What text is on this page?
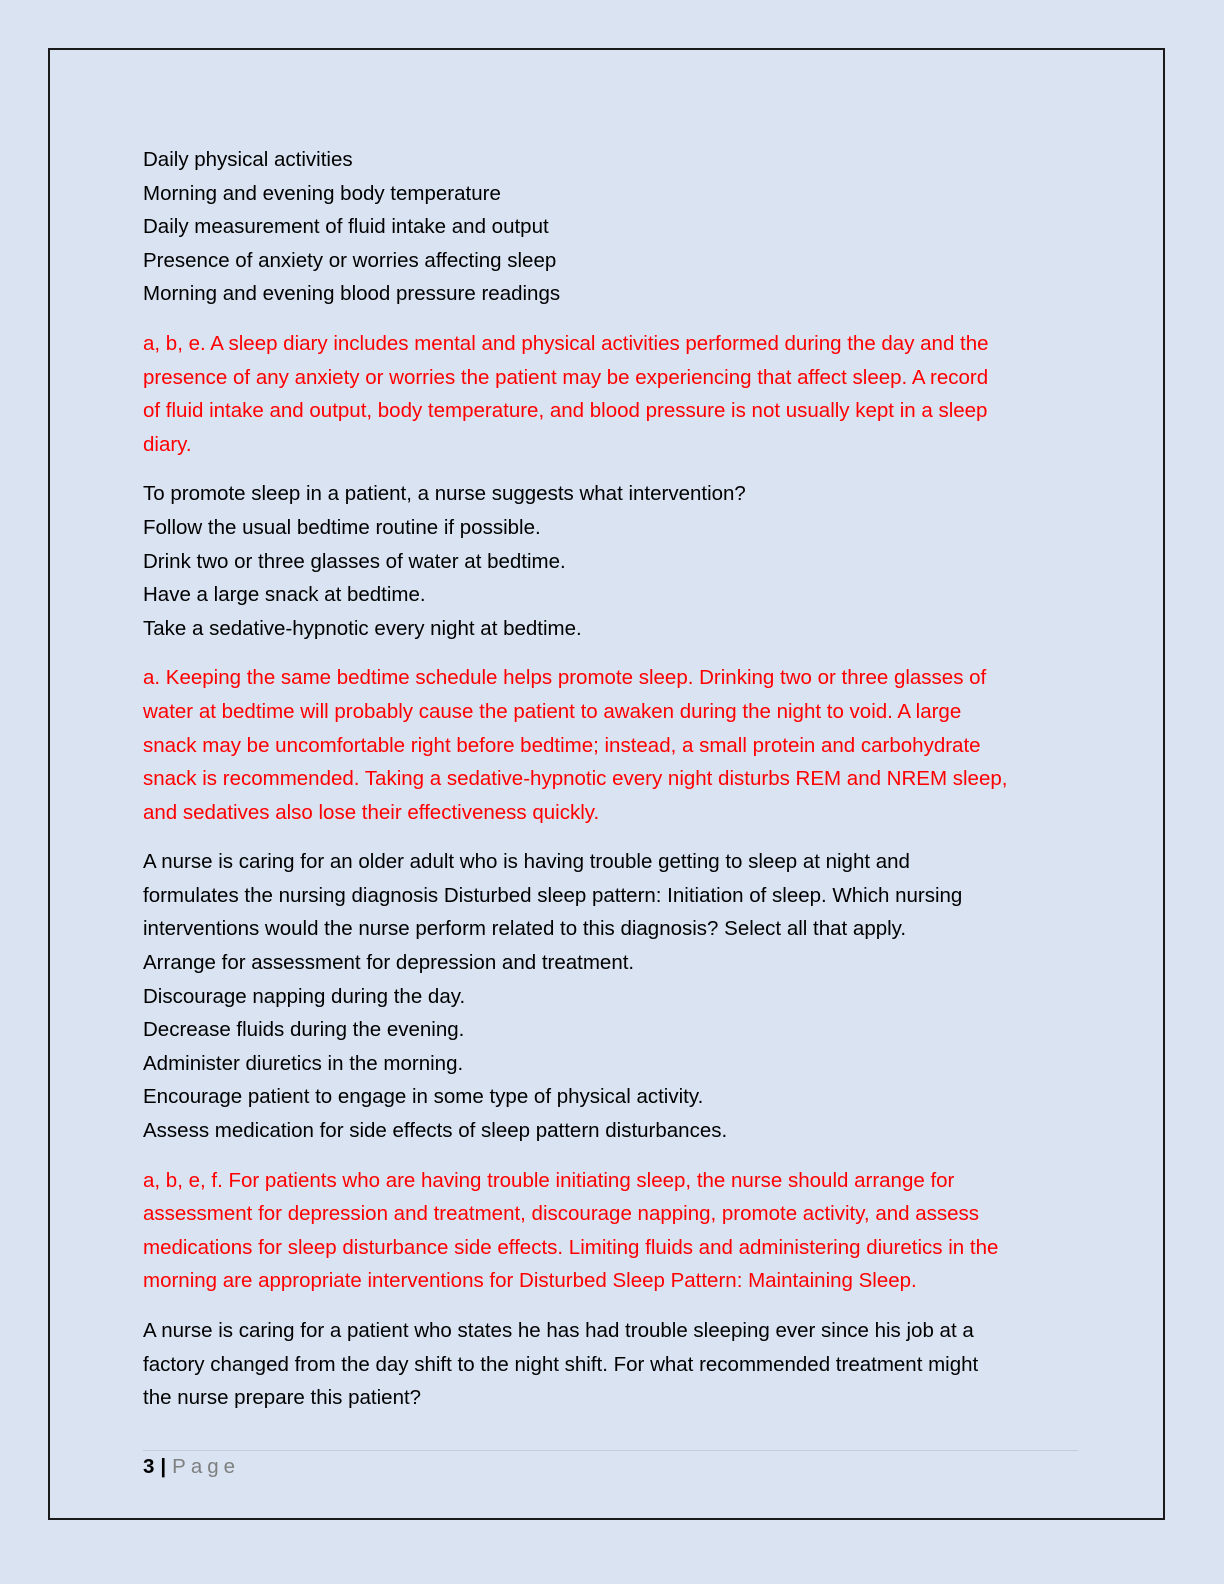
Daily physical activities
Morning and evening body temperature
Daily measurement of fluid intake and output
Presence of anxiety or worries affecting sleep
Morning and evening blood pressure readings
a, b, e. A sleep diary includes mental and physical activities performed during the day and the
presence of any anxiety or worries the patient may be experiencing that affect sleep. A record
of fluid intake and output, body temperature, and blood pressure is not usually kept in a sleep
diary.
To promote sleep in a patient, a nurse suggests what intervention?
Follow the usual bedtime routine if possible.
Drink two or three glasses of water at bedtime.
Have a large snack at bedtime.
Take a sedative-hypnotic every night at bedtime.
a. Keeping the same bedtime schedule helps promote sleep. Drinking two or three glasses of
water at bedtime will probably cause the patient to awaken during the night to void. A large
snack may be uncomfortable right before bedtime; instead, a small protein and carbohydrate
snack is recommended. Taking a sedative-hypnotic every night disturbs REM and NREM sleep,
and sedatives also lose their effectiveness quickly.
A nurse is caring for an older adult who is having trouble getting to sleep at night and
formulates the nursing diagnosis Disturbed sleep pattern: Initiation of sleep. Which nursing
interventions would the nurse perform related to this diagnosis? Select all that apply.
Arrange for assessment for depression and treatment.
Discourage napping during the day.
Decrease fluids during the evening.
Administer diuretics in the morning.
Encourage patient to engage in some type of physical activity.
Assess medication for side effects of sleep pattern disturbances.
a, b, e, f. For patients who are having trouble initiating sleep, the nurse should arrange for
assessment for depression and treatment, discourage napping, promote activity, and assess
medications for sleep disturbance side effects. Limiting fluids and administering diuretics in the
morning are appropriate interventions for Disturbed Sleep Pattern: Maintaining Sleep.
A nurse is caring for a patient who states he has had trouble sleeping ever since his job at a
factory changed from the day shift to the night shift. For what recommended treatment might
the nurse prepare this patient?
3 | Page
